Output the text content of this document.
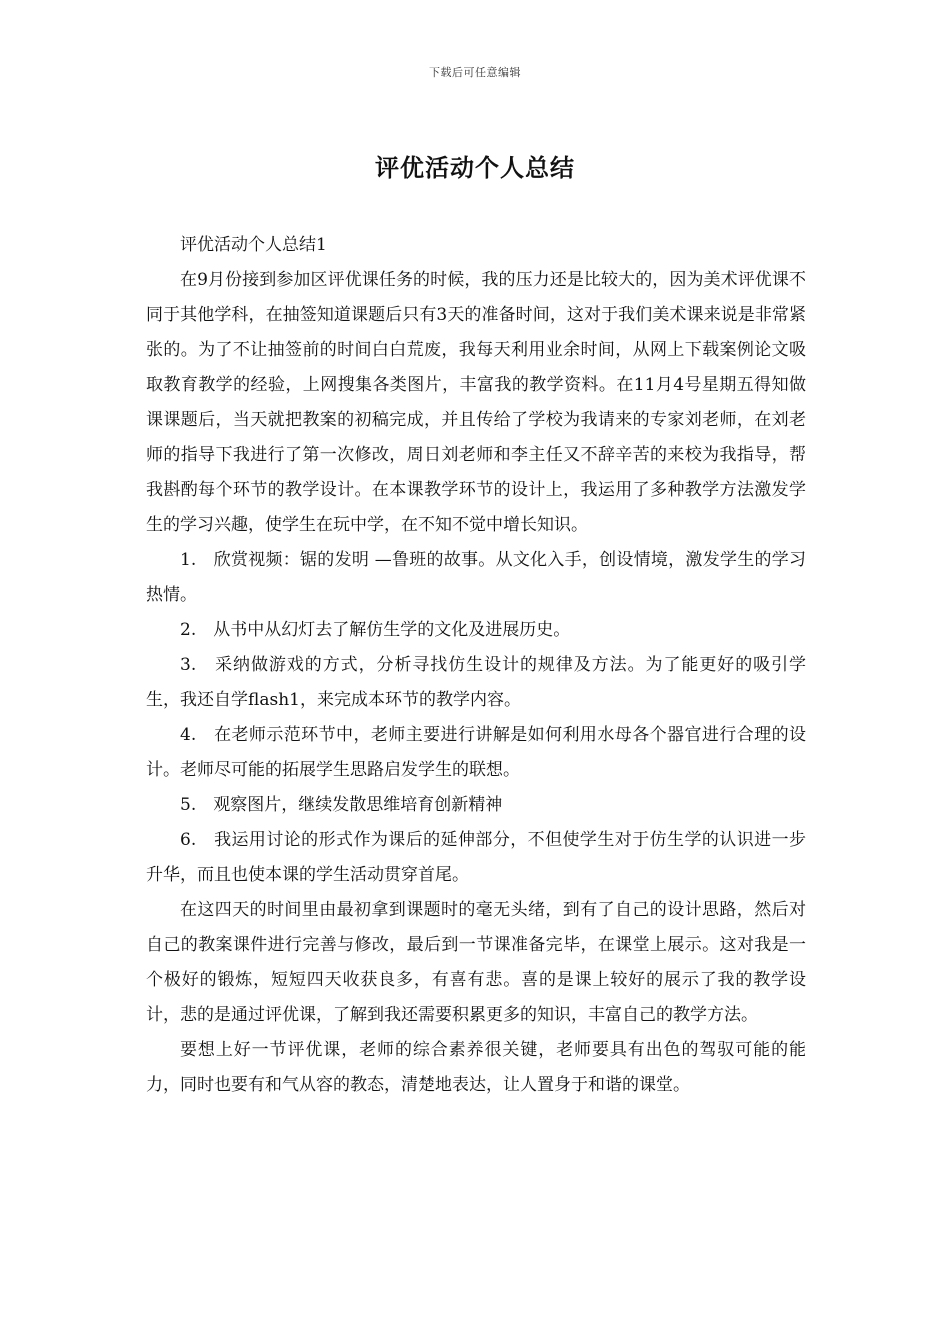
下载后可任意编辑
评优活动个人总结

评优活动个人总结1

在9月份接到参加区评优课任务的时候，我的压力还是比较大的，因为美术评优课不同于其他学科，在抽签知道课题后只有3天的准备时间，这对于我们美术课来说是非常紧张的。为了不让抽签前的时间白白荒废，我每天利用业余时间，从网上下载案例论文吸取教育教学的经验，上网搜集各类图片，丰富我的教学资料。在11月4号星期五得知做课课题后，当天就把教案的初稿完成，并且传给了学校为我请来的专家刘老师，在刘老师的指导下我进行了第一次修改，周日刘老师和李主任又不辞辛苦的来校为我指导，帮我斟酌每个环节的教学设计。在本课教学环节的设计上，我运用了多种教学方法激发学生的学习兴趣，使学生在玩中学，在不知不觉中增长知识。

1.　欣赏视频：锯的发明 —鲁班的故事。从文化入手，创设情境，激发学生的学习热情。

2.　从书中从幻灯去了解仿生学的文化及进展历史。

3.　采纳做游戏的方式，分析寻找仿生设计的规律及方法。为了能更好的吸引学生，我还自学flash1，来完成本环节的教学内容。

4.　在老师示范环节中，老师主要进行讲解是如何利用水母各个器官进行合理的设计。老师尽可能的拓展学生思路启发学生的联想。

5.　观察图片，继续发散思维培育创新精神

6.　我运用讨论的形式作为课后的延伸部分，不但使学生对于仿生学的认识进一步升华，而且也使本课的学生活动贯穿首尾。

在这四天的时间里由最初拿到课题时的毫无头绪，到有了自己的设计思路，然后对自己的教案课件进行完善与修改，最后到一节课准备完毕，在课堂上展示。这对我是一个极好的锻炼，短短四天收获良多，有喜有悲。喜的是课上较好的展示了我的教学设计，悲的是通过评优课，了解到我还需要积累更多的知识，丰富自己的教学方法。

要想上好一节评优课，老师的综合素养很关键，老师要具有出色的驾驭可能的能力，同时也要有和气从容的教态，清楚地表达，让人置身于和谐的课堂。
